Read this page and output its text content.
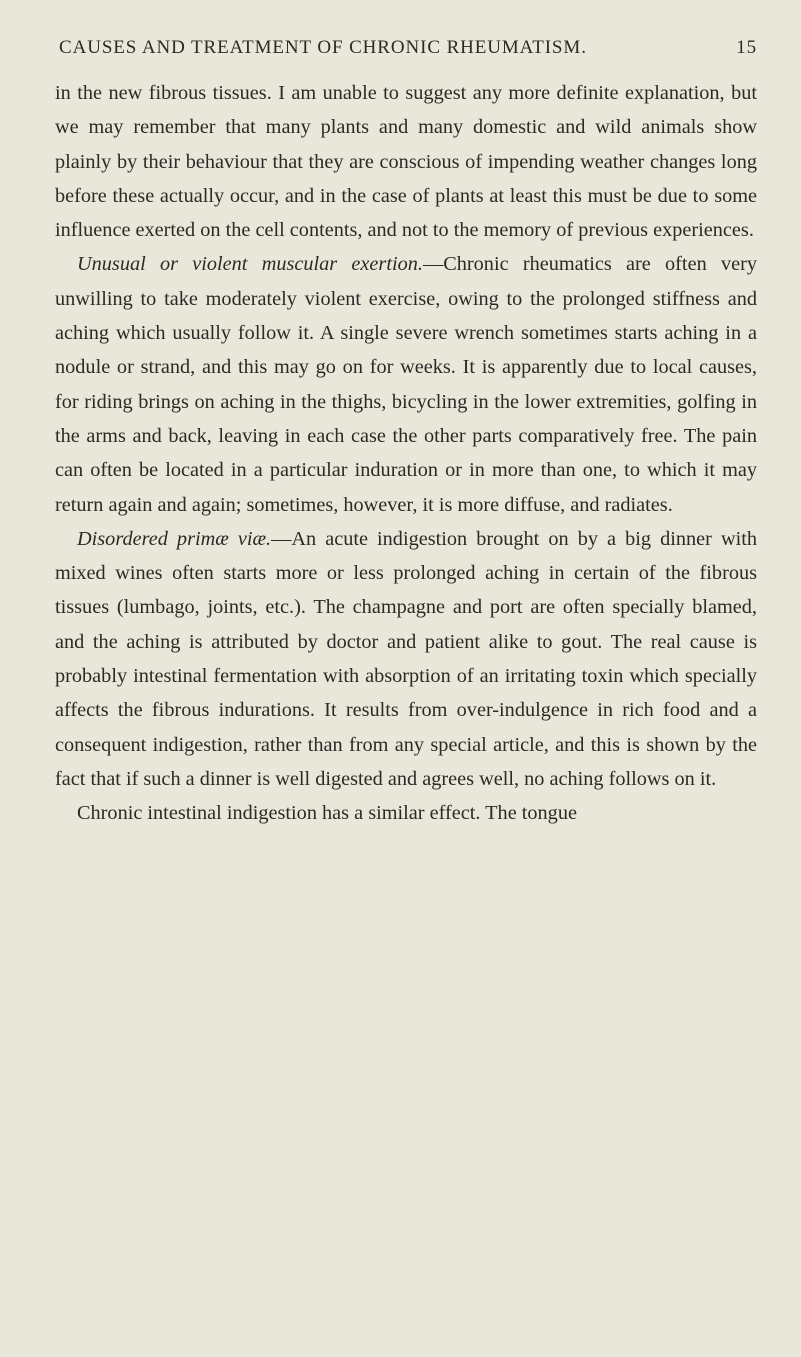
CAUSES AND TREATMENT OF CHRONIC RHEUMATISM.	15

in the new fibrous tissues. I am unable to suggest any more definite explanation, but we may remember that many plants and many domestic and wild animals show plainly by their behaviour that they are conscious of impending weather changes long before these actually occur, and in the case of plants at least this must be due to some influence exerted on the cell contents, and not to the memory of previous experiences.

Unusual or violent muscular exertion.—Chronic rheumatics are often very unwilling to take moderately violent exercise, owing to the prolonged stiffness and aching which usually follow it. A single severe wrench sometimes starts aching in a nodule or strand, and this may go on for weeks. It is apparently due to local causes, for riding brings on aching in the thighs, bicycling in the lower extremities, golfing in the arms and back, leaving in each case the other parts comparatively free. The pain can often be located in a particular induration or in more than one, to which it may return again and again; sometimes, however, it is more diffuse, and radiates.

Disordered primæ viæ.—An acute indigestion brought on by a big dinner with mixed wines often starts more or less prolonged aching in certain of the fibrous tissues (lumbago, joints, etc.). The champagne and port are often specially blamed, and the aching is attributed by doctor and patient alike to gout. The real cause is probably intestinal fermentation with absorption of an irritating toxin which specially affects the fibrous indurations. It results from over-indulgence in rich food and a consequent indigestion, rather than from any special article, and this is shown by the fact that if such a dinner is well digested and agrees well, no aching follows on it.

Chronic intestinal indigestion has a similar effect. The tongue
